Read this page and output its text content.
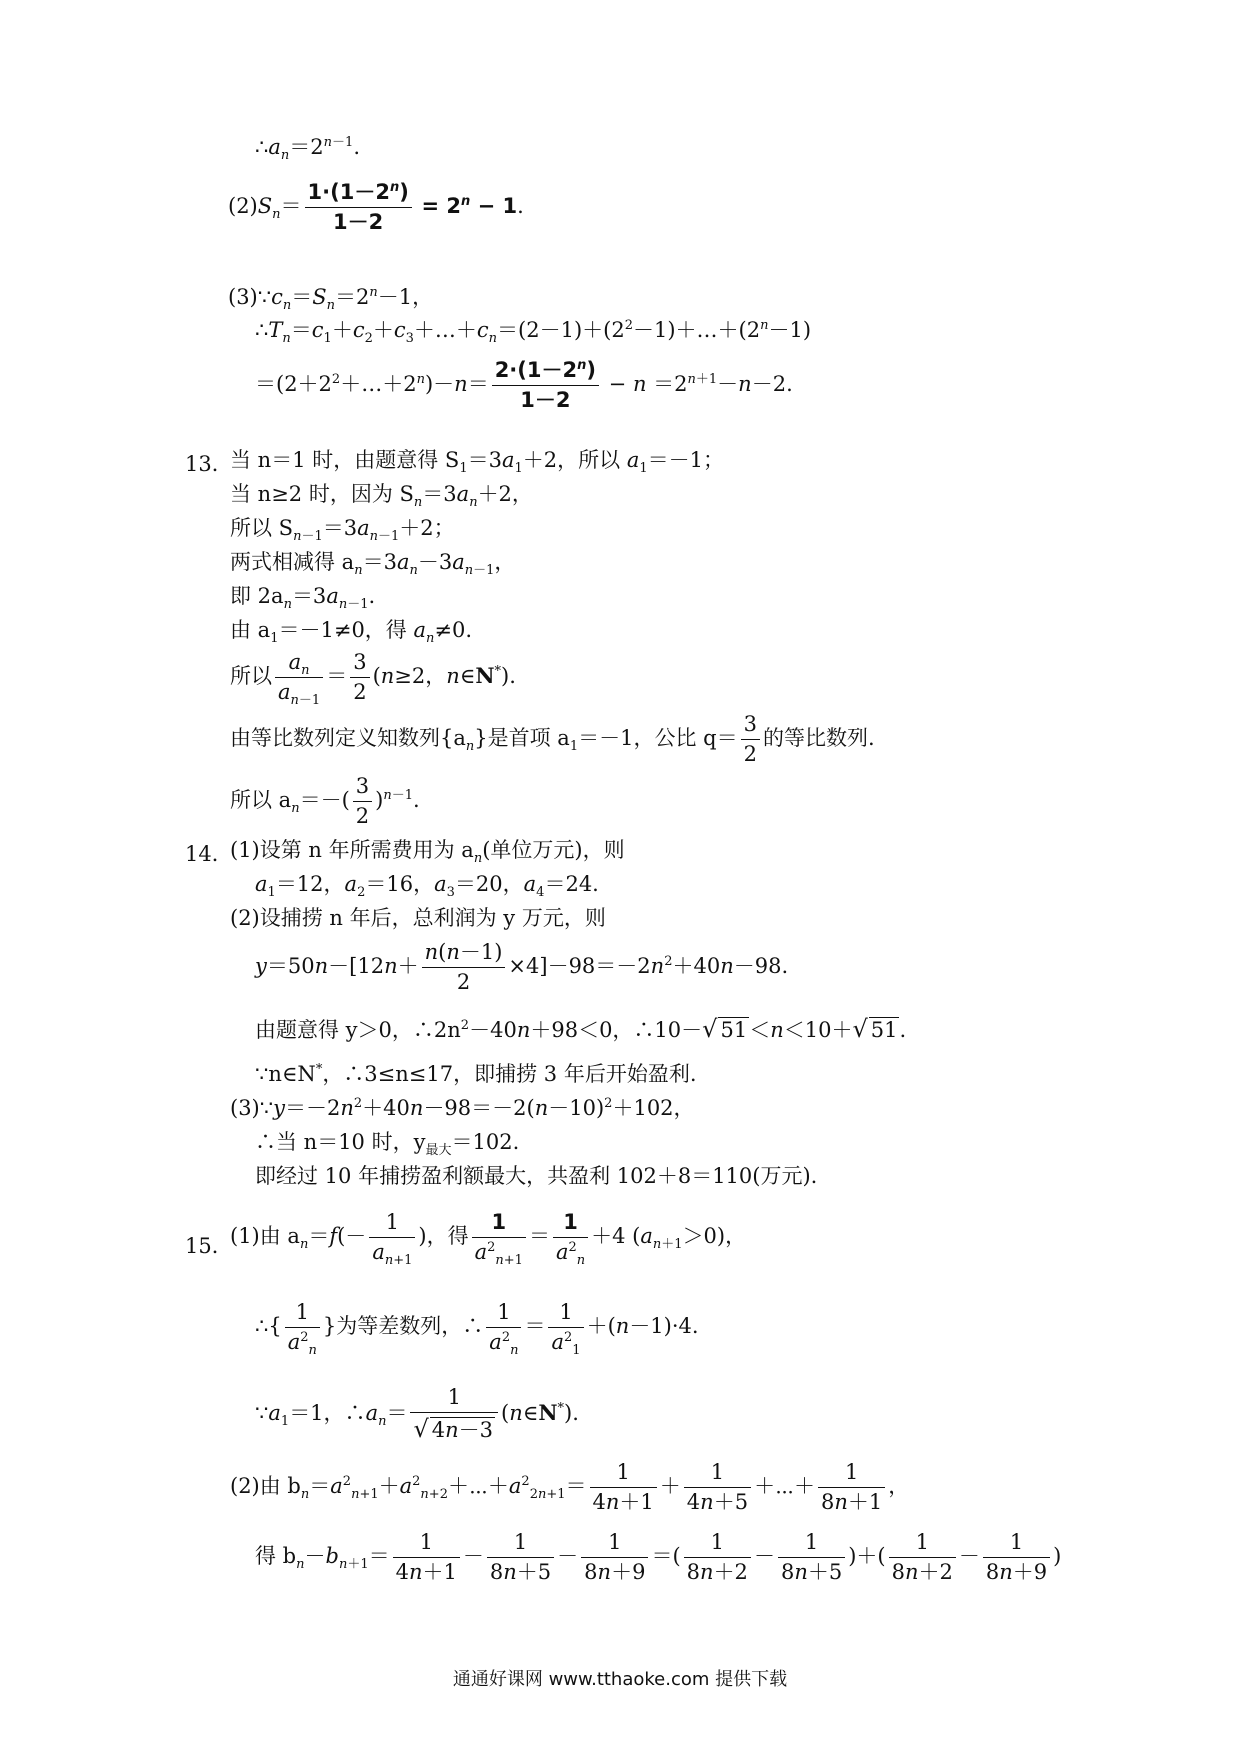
$\therefore a_n=2^{n-1}$.
$(2)S_n= \frac{1\cdot(1-2^n)}{1-2} = 2^n - 1$.
$(3)\because c_n=S_n=2^n-1$，
$\therefore T_n=c_1+c_2+c_3+\dots+c_n=(2-1)+(2^2-1)+\dots+(2^n-1)$
$=(2+2^2+\dots+2^n)-n= \frac{2\cdot(1-2^n)}{1-2} - n =2^{n+1}-n-2$.
13．
当 n＝1 时，由题意得 $S_1=3a_1+2$，所以 $a_1=-1$；
当 n≥2 时，因为 $S_n=3a_n+2$，
所以 $S_{n-1}=3a_{n-1}+2$；
两式相减得 $a_n=3a_n-3a_{n-1}$，
即 $2a_n=3a_{n-1}$.
由 $a_1=-1\ne 0$，得 $a_n\ne 0$.
所以 $\frac{a_n}{a_{n-1}} = \frac{3}{2} (n\ge 2$，n∈N*).
由等比数列定义知数列$\{a_n\}$是首项 $a_1=-1$，公比 $q= \frac{3}{2}$ 的等比数列.
所以 $a_n=-( \frac{3}{2} )^{n-1}$.
14．
(1)设第 n 年所需费用为 $a_n$(单位万元)，则
$a_1=12$，$a_2=16$，$a_3=20$，$a_4=24$.
(2)设捕捞 n 年后，总利润为 y 万元，则
$y=50n-[12n+ \frac{n(n-1)}{2} \times 4]-98=-2n^2+40n-98$.
由题意得 y＞0，$\therefore 2n^2-40n+98<0$，∴10－√ 51＜n＜10＋√ 51.
∵n∈N*，∴3≤n≤17，即捕捞 3 年后开始盈利.
$(3)\because y=-2n^2+40n-98=-2(n-10)^2+102$，
∴当 n＝10 时，$y_{最大}=102$.
即经过 10 年捕捞盈利额最大，共盈利 102＋8＝110(万元).
15．
(1)由 $a_n=f(- \frac{1}{a_{n+1}}$ )，得 $\frac{1}{a^2_{n+1}} = \frac{1}{a^2_n} +4$ $(a_{n+1}>0)$，
∴{ $\frac{1}{a^2_n}$ }为等差数列，∴ $\frac{1}{a^2_n} = \frac{1}{a^2_1} +(n-1)\cdot 4$.
$\because a_1=1$，$\therefore a_n= \frac{1}{√ 4n-3}$ (n∈N*).
(2)由 $b_n=a^2_{n+1}+a^2_{n+2}+\cdots+a^2_{2n+1}= \frac{1}{4n+1} + \frac{1}{4n+5}$ ＋⋯＋ $\frac{1}{8n+1}$ ，
得 $b_n-b_{n+1}= \frac{1}{4n+1} - \frac{1}{8n+5} - \frac{1}{8n+9}$ ＝( $\frac{1}{8n+2} - \frac{1}{8n+5}$ )＋( $\frac{1}{8n+2} - \frac{1}{8n+9}$ )
通通好课网 www.tthaoke.com 提供下载
